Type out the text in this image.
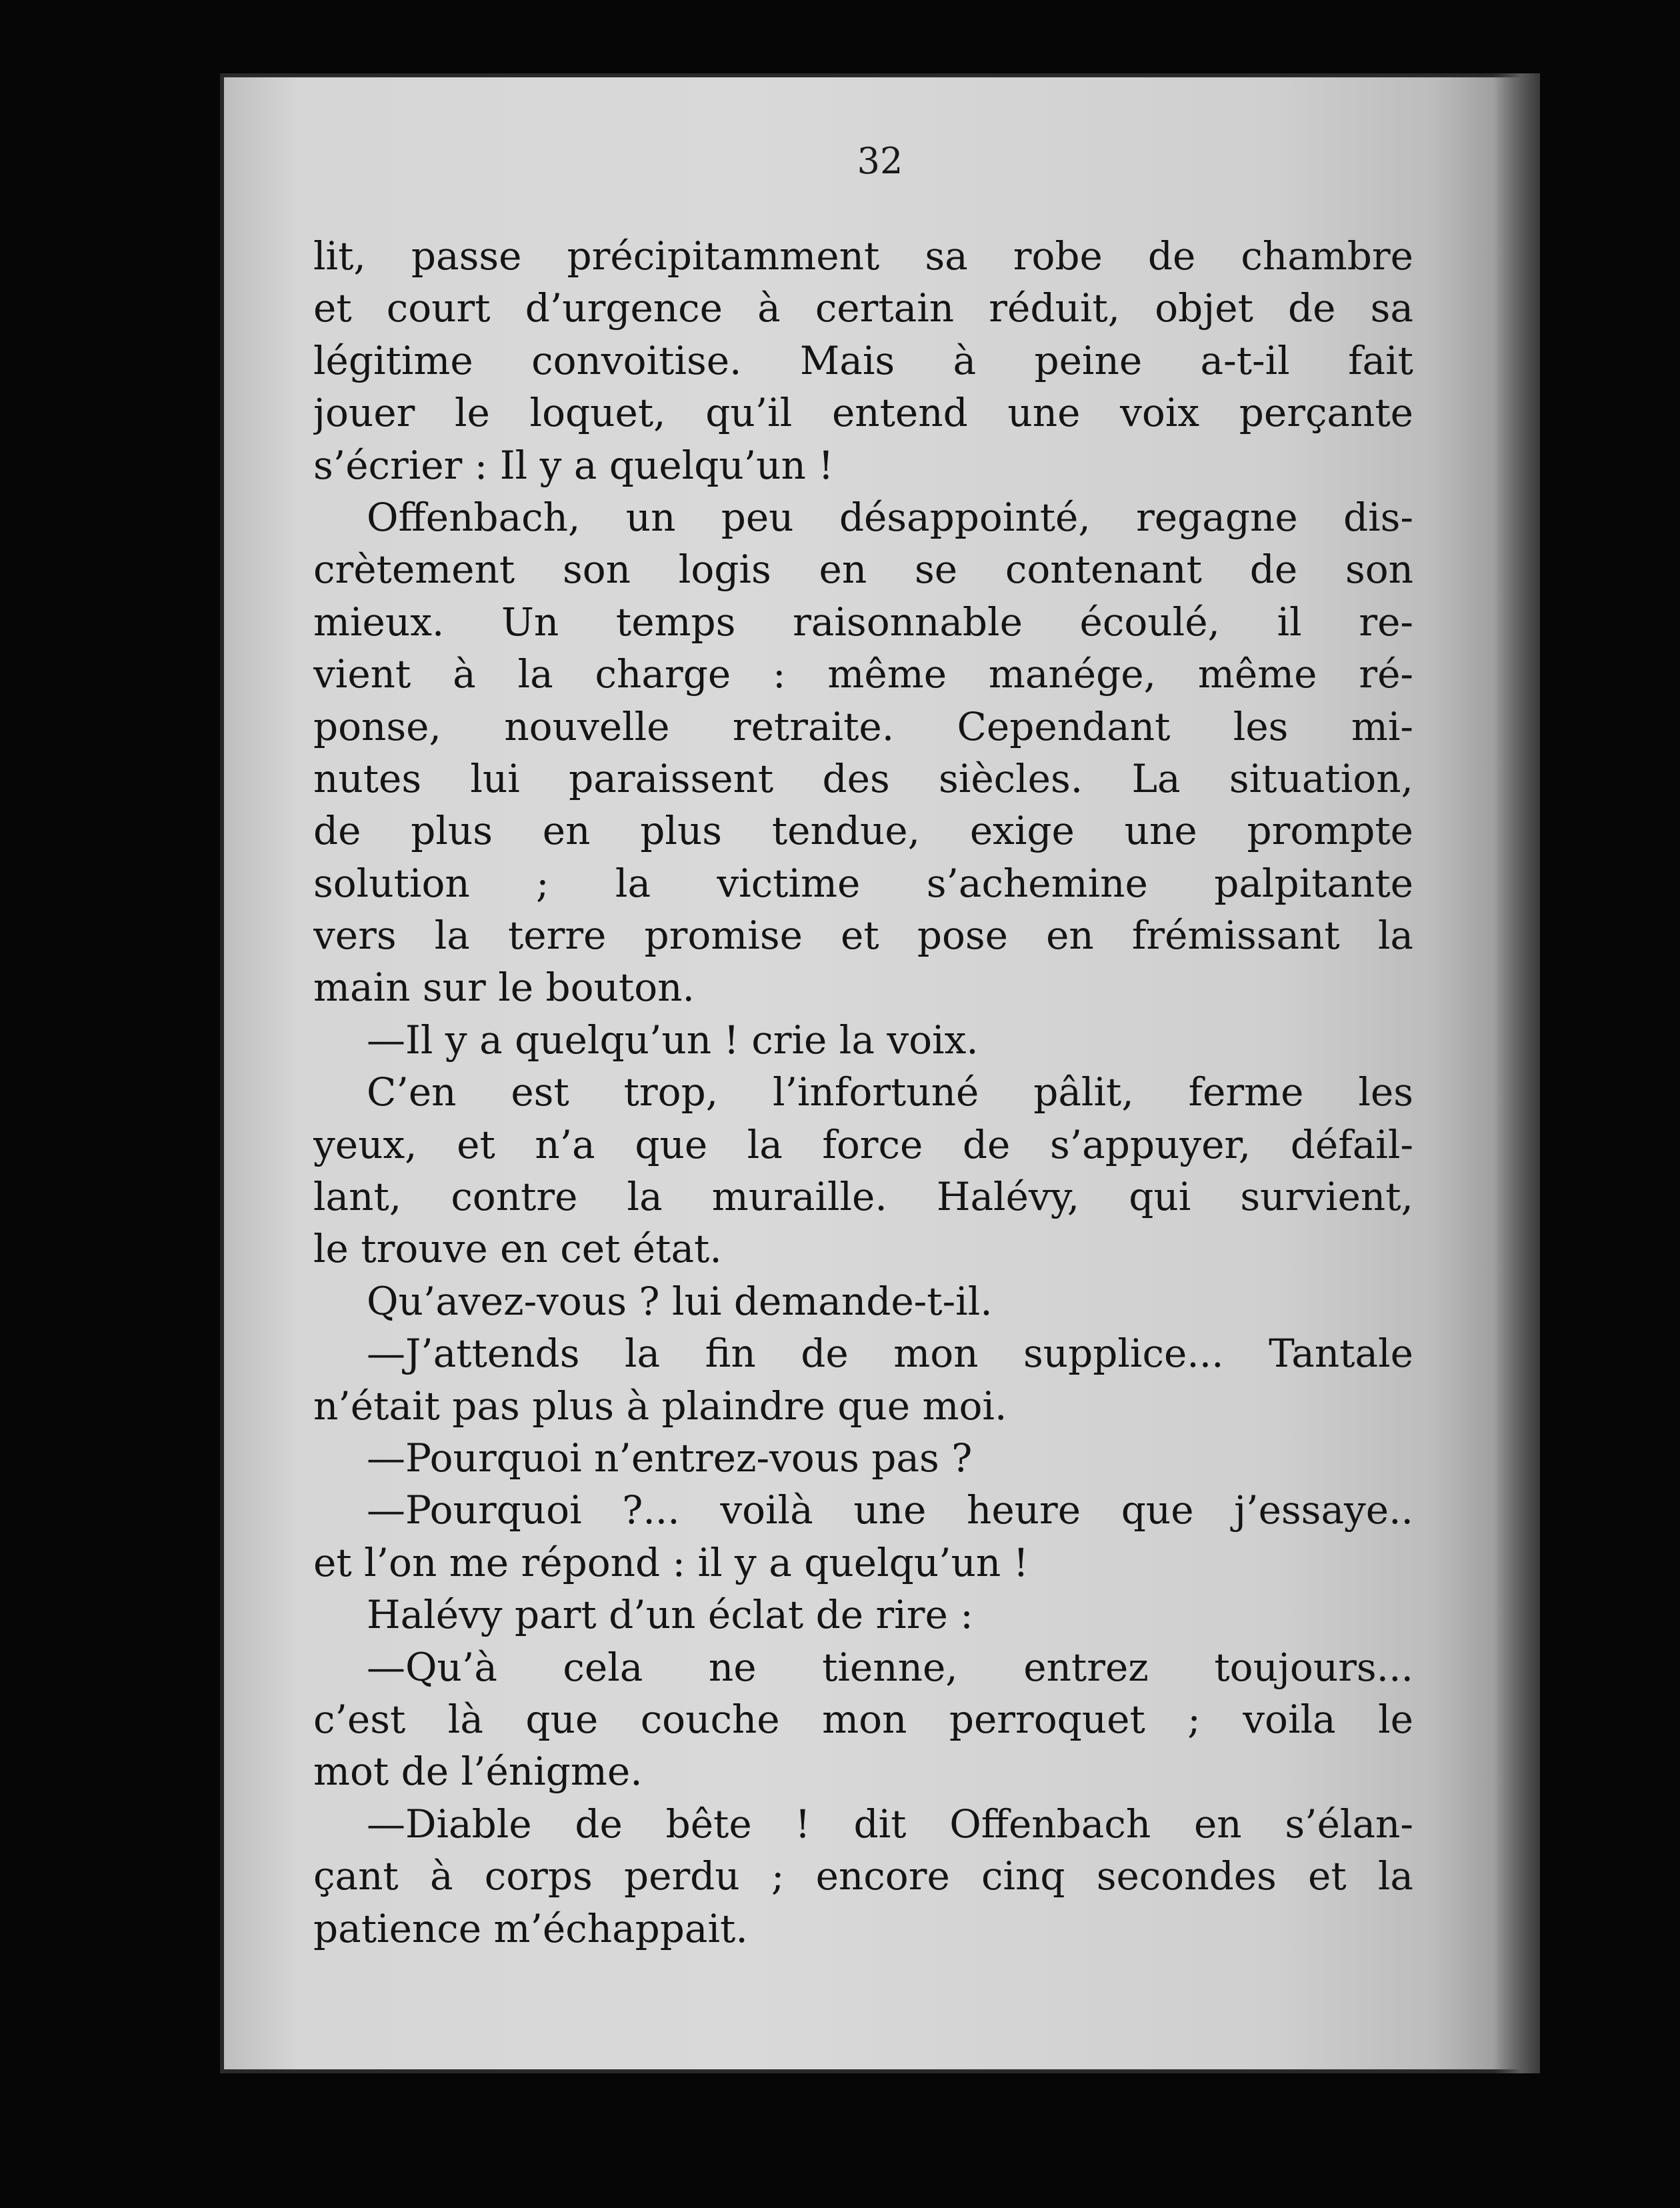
32
lit, passe précipitamment sa robe de chambre
et court d’urgence à certain réduit, objet de sa
légitime convoitise. Mais à peine a-t-il fait
jouer le loquet, qu’il entend une voix perçante
s’écrier : Il y a quelqu’un !
Offenbach, un peu désappointé, regagne dis-
crètement son logis en se contenant de son
mieux. Un temps raisonnable écoulé, il re-
vient à la charge : même manége, même ré-
ponse, nouvelle retraite. Cependant les mi-
nutes lui paraissent des siècles. La situation,
de plus en plus tendue, exige une prompte
solution ; la victime s’achemine palpitante
vers la terre promise et pose en frémissant la
main sur le bouton.
—Il y a quelqu’un ! crie la voix.
C’en est trop, l’infortuné pâlit, ferme les
yeux, et n’a que la force de s’appuyer, défail-
lant, contre la muraille. Halévy, qui survient,
le trouve en cet état.
Qu’avez-vous ? lui demande-t-il.
—J’attends la fin de mon supplice... Tantale
n’était pas plus à plaindre que moi.
—Pourquoi n’entrez-vous pas ?
—Pourquoi ?... voilà une heure que j’essaye..
et l’on me répond : il y a quelqu’un !
Halévy part d’un éclat de rire :
—Qu’à cela ne tienne, entrez toujours...
c’est là que couche mon perroquet ; voila le
mot de l’énigme.
—Diable de bête ! dit Offenbach en s’élan-
çant à corps perdu ; encore cinq secondes et la
patience m’échappait.
